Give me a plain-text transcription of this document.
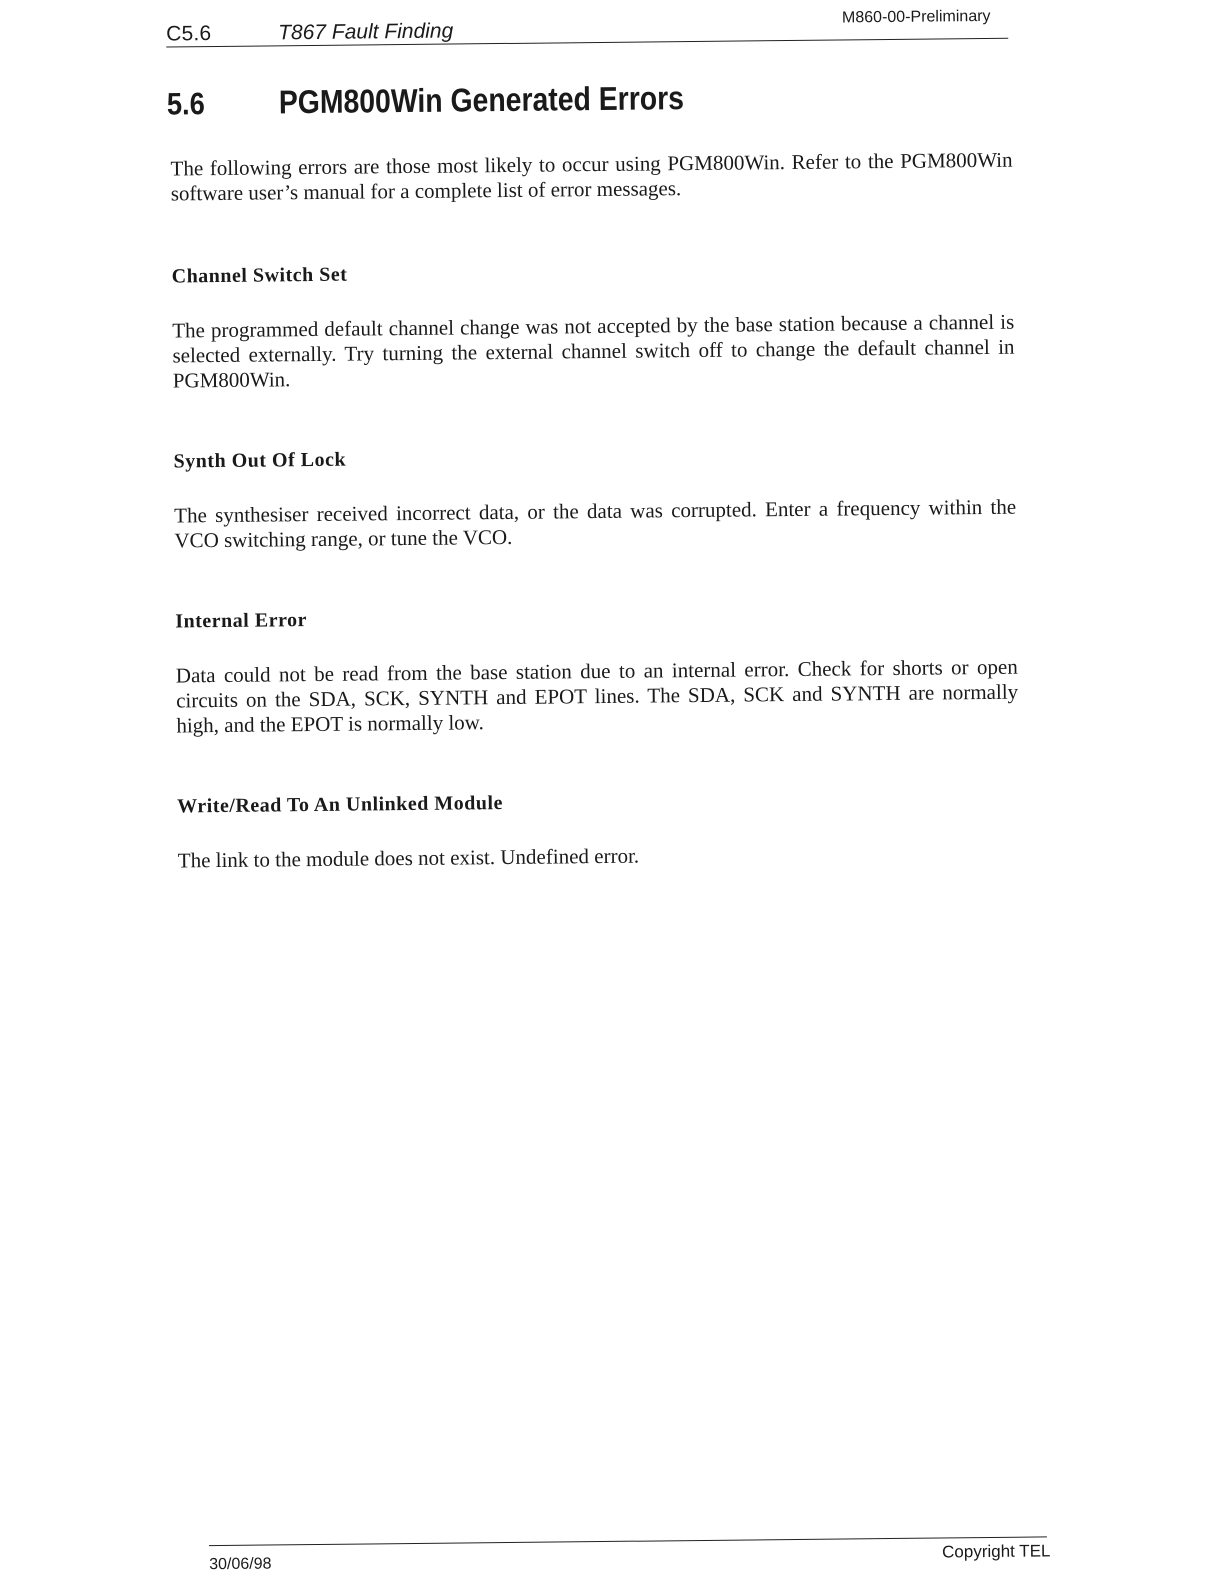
C5.6	T867 Fault Finding
M860-00-Preliminary
5.6 PGM800Win Generated Errors

The following errors are those most likely to occur using PGM800Win. Refer to the PGM800Win software user’s manual for a complete list of error messages.

Channel Switch Set

The programmed default channel change was not accepted by the base station because a channel is selected externally. Try turning the external channel switch off to change the default channel in PGM800Win.

Synth Out Of Lock

The synthesiser received incorrect data, or the data was corrupted. Enter a frequency within the VCO switching range, or tune the VCO.

Internal Error

Data could not be read from the base station due to an internal error. Check for shorts or open circuits on the SDA, SCK, SYNTH and EPOT lines. The SDA, SCK and SYNTH are normally high, and the EPOT is normally low.

Write/Read To An Unlinked Module

The link to the module does not exist. Undefined error.

30/06/98
Copyright TEL
